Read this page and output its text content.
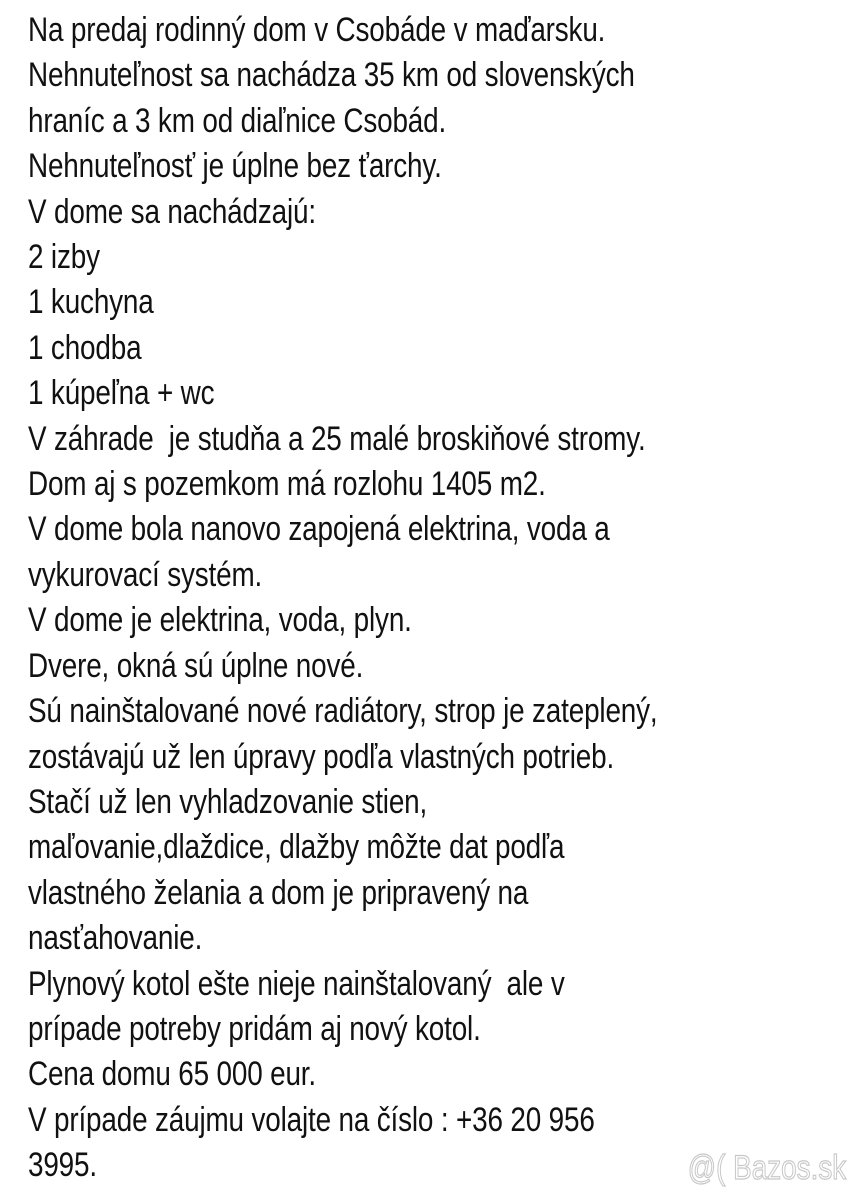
Na predaj rodinný dom v Csobáde v maďarsku.
Nehnuteľnost sa nachádza 35 km od slovenských
hraníc a 3 km od diaľnice Csobád.
Nehnuteľnosť je úplne bez ťarchy.
V dome sa nachádzajú:
2 izby
1 kuchyna
1 chodba
1 kúpeľna + wc
V záhrade  je studňa a 25 malé broskiňové stromy.
Dom aj s pozemkom má rozlohu 1405 m2.
V dome bola nanovo zapojená elektrina, voda a
vykurovací systém.
V dome je elektrina, voda, plyn.
Dvere, okná sú úplne nové.
Sú nainštalované nové radiátory, strop je zateplený,
zostávajú už len úpravy podľa vlastných potrieb.
Stačí už len vyhladzovanie stien,
maľovanie,dlaždice, dlažby môžte dat podľa
vlastného želania a dom je pripravený na
nasťahovanie.
Plynový kotol ešte nieje nainštalovaný  ale v
prípade potreby pridám aj nový kotol.
Cena domu 65 000 eur.
V prípade záujmu volajte na číslo : +36 20 956
3995.	@( Bazos.sk
